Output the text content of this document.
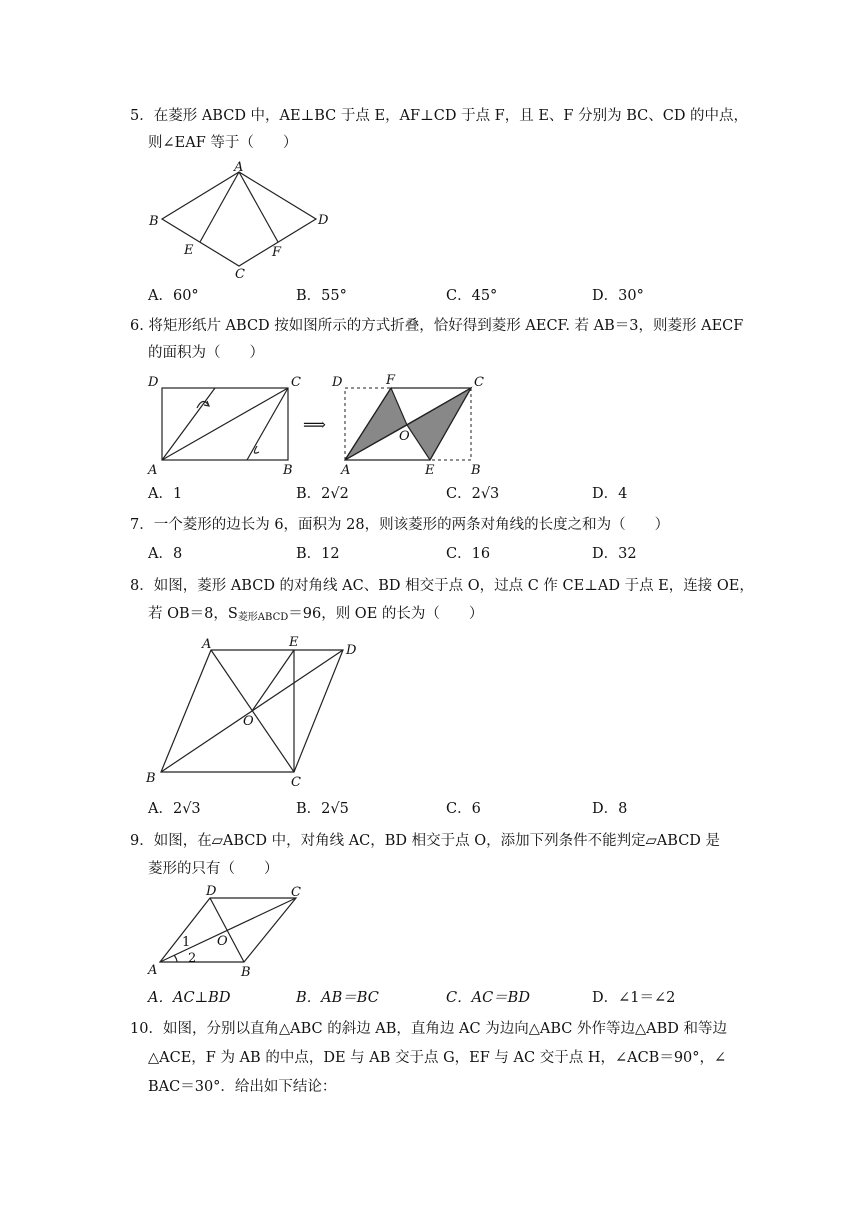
5．在菱形 ABCD 中，AE⊥BC 于点 E，AF⊥CD 于点 F，且 E、F 分别为 BC、CD 的中点，
则∠EAF 等于（　　）
A
B
C
D
E	F
A．60°	B．55°	C．45°	D．30°
6. 将矩形纸片 ABCD 按如图所示的方式折叠，恰好得到菱形 AECF. 若 AB＝3，则菱形 AECF
的面积为（　　）
D	C
A	B
⟹
D	F	C
O
A	E	B
A．1	B．2√2	C．2√3	D．4
7．一个菱形的边长为 6，面积为 28，则该菱形的两条对角线的长度之和为（　　）
A．8	B．12	C．16	D．32
8．如图，菱形 ABCD 的对角线 AC、BD 相交于点 O，过点 C 作 CE⊥AD 于点 E，连接 OE，
若 OB＝8，$S_{菱形ABCD}=96$，则 OE 的长为（　　）
A	E
D
O
B	C
A．2√3	B．2√5	C．6	D．8
9．如图，在▱ABCD 中，对角线 AC，BD 相交于点 O，添加下列条件不能判定▱ABCD 是
菱形的只有（　　）
D	C
O
1
2
A	B
A．AC⊥BD	B．AB＝BC	C．AC＝BD	D．∠1＝∠2
10．如图，分别以直角△ABC 的斜边 AB，直角边 AC 为边向△ABC 外作等边△ABD 和等边
△ACE，F 为 AB 的中点，DE 与 AB 交于点 G，EF 与 AC 交于点 H，∠ACB＝90°，∠
BAC＝30°．给出如下结论：
